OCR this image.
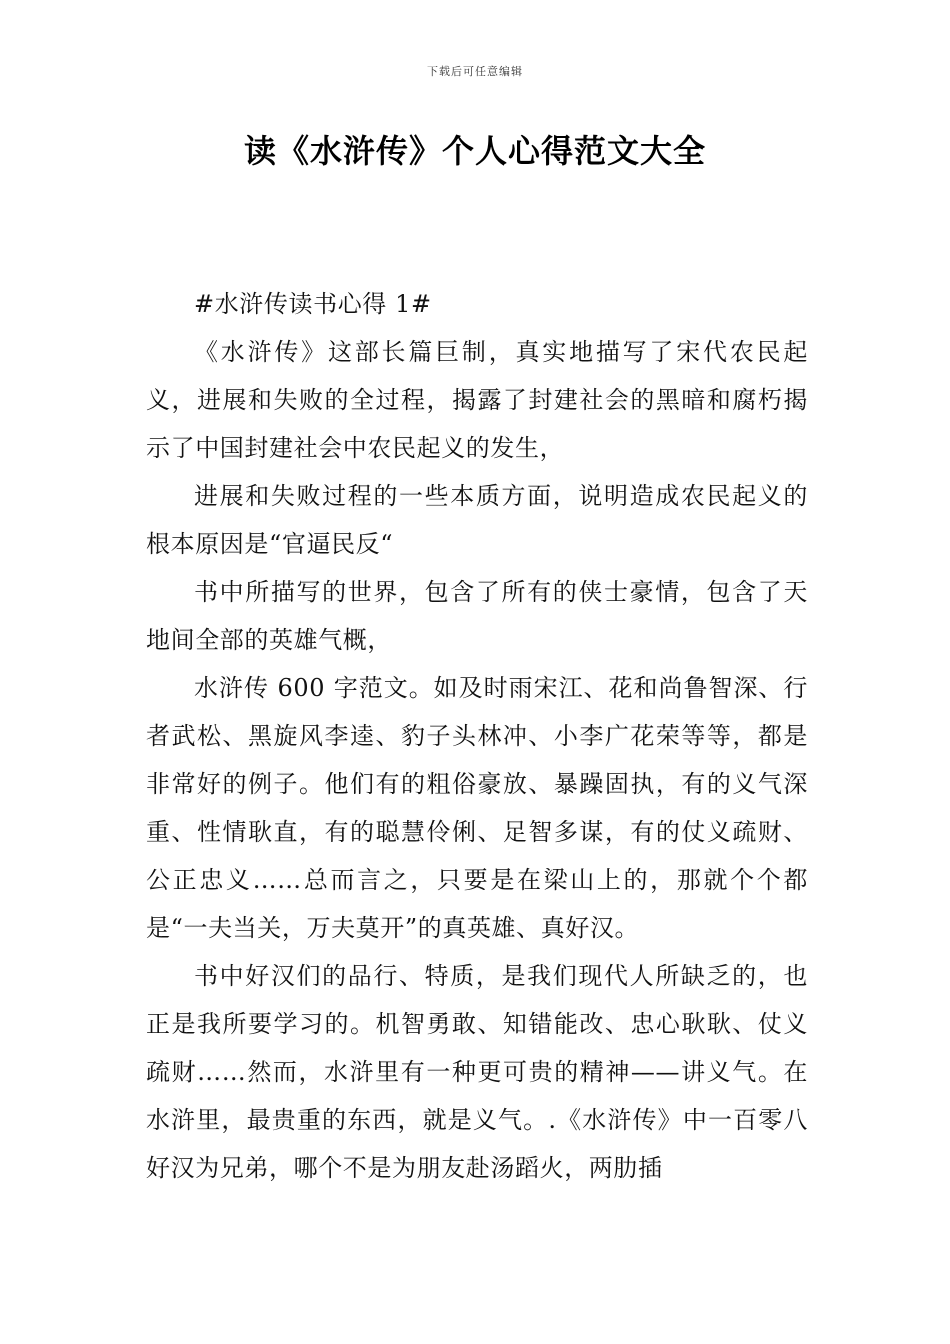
下载后可任意编辑
读《水浒传》个人心得范文大全

#水浒传读书心得 1#

《水浒传》这部长篇巨制，真实地描写了宋代农民起义，进展和失败的全过程，揭露了封建社会的黑暗和腐朽揭示了中国封建社会中农民起义的发生，

进展和失败过程的一些本质方面，说明造成农民起义的根本原因是“官逼民反“

书中所描写的世界，包含了所有的侠士豪情，包含了天地间全部的英雄气概，

水浒传 600 字范文。如及时雨宋江、花和尚鲁智深、行者武松、黑旋风李逵、豹子头林冲、小李广花荣等等，都是非常好的例子。他们有的粗俗豪放、暴躁固执，有的义气深重、性情耿直，有的聪慧伶俐、足智多谋，有的仗义疏财、公正忠义……总而言之，只要是在梁山上的，那就个个都是“一夫当关，万夫莫开”的真英雄、真好汉。

书中好汉们的品行、特质，是我们现代人所缺乏的，也正是我所要学习的。机智勇敢、知错能改、忠心耿耿、仗义疏财……然而，水浒里有一种更可贵的精神——讲义气。在水浒里，最贵重的东西，就是义气。.《水浒传》中一百零八好汉为兄弟，哪个不是为朋友赴汤蹈火，两肋插
